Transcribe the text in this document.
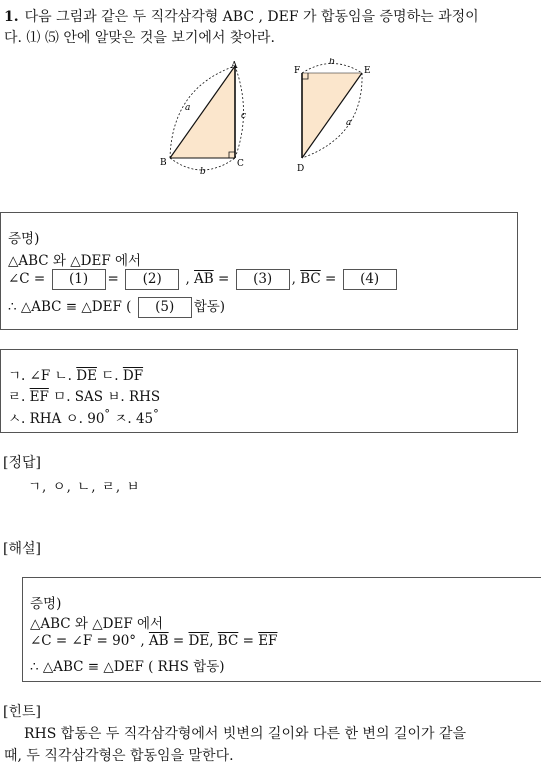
1. 다음 그림과 같은 두 직각삼각형 ABC , DEF 가 합동임을 증명하는 과정이
다. ⑴ ⑸ 안에 알맞은 것을 보기에서 찾아라.
A
B	C
a
c
b
F	E
D
b
a
증명)
△ABC 와 △DEF 에서
∠C = (1) = (2) , $\overline{AB} = (3)$ , $\overline{BC} = (4)$
∴ △ABC ≡ △DEF ( (5) 합동)
ㄱ. ∠F ㄴ. $\overline{DE}$ ㄷ. $\overline{DF}$
ㄹ. $\overline{EF}$ ㅁ. SAS ㅂ. RHS
ㅅ. RHA ㅇ. 90° ㅈ. 45°
[정답]
ㄱ, ㅇ, ㄴ, ㄹ, ㅂ
[해설]
증명)
△ABC 와 △DEF 에서
∠C = ∠F = 90° , $\overline{AB} = \overline{DE}$, $\overline{BC} = \overline{EF}$
∴ △ABC ≡ △DEF ( RHS 합동)
[힌트]
RHS 합동은 두 직각삼각형에서 빗변의 길이와 다른 한 변의 길이가 같을
때, 두 직각삼각형은 합동임을 말한다.
